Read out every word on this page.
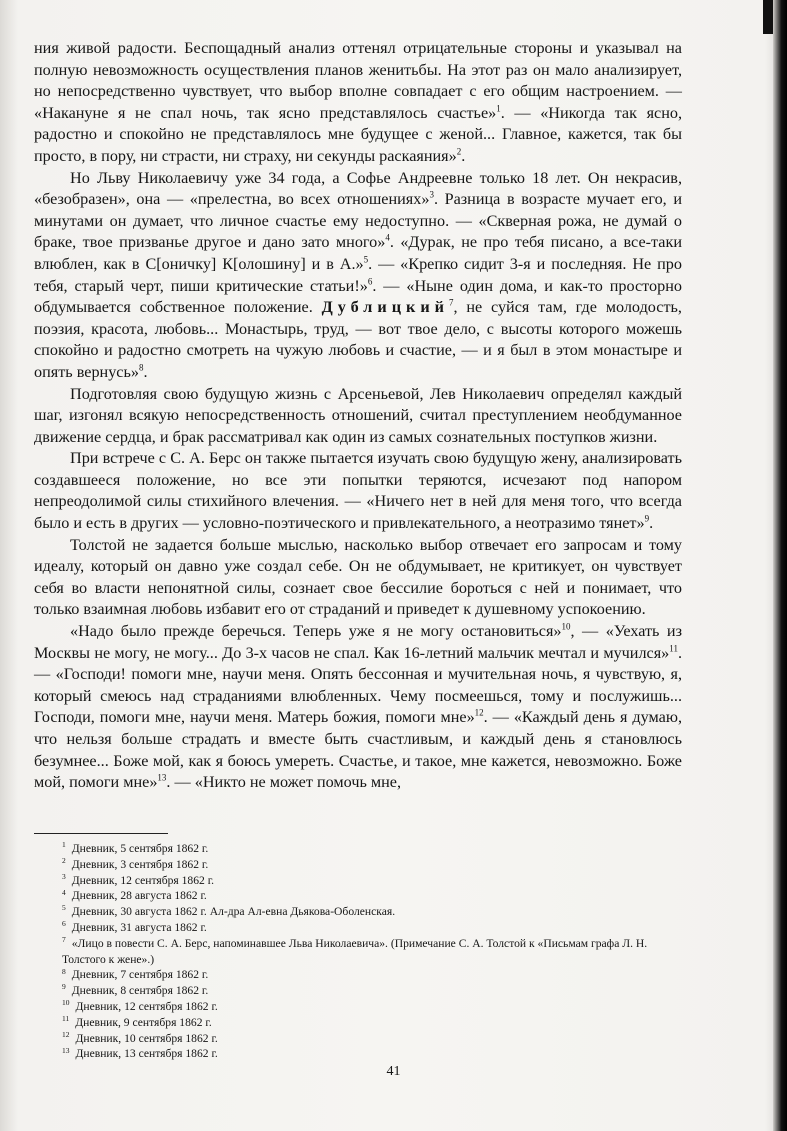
ния живой радости. Беспощадный анализ оттенял отрицательные стороны и указывал на полную невозможность осуществления планов женитьбы. На этот раз он мало анализирует, но непосредственно чувствует, что выбор вполне совпадает с его общим настроением. — «Накануне я не спал ночь, так ясно представлялось счастье»$^1$. — «Никогда так ясно, радостно и спокойно не представлялось мне будущее с женой... Главное, кажется, так бы просто, в пору, ни страсти, ни страху, ни секунды раскаяния»$^2$.

Но Льву Николаевичу уже 34 года, а Софье Андреевне только 18 лет. Он некрасив, «безобразен», она — «прелестна, во всех отношениях»$^3$. Разница в возрасте мучает его, и минутами он думает, что личное счастье ему недоступно. — «Скверная рожа, не думай о браке, твое призванье другое и дано зато много»$^4$. «Дурак, не про тебя писано, а все-таки влюблен, как в С[оничку] К[олошину] и в А.»$^5$. — «Крепко сидит 3-я и последняя. Не про тебя, старый черт, пиши критические статьи!»$^6$. — «Ныне один дома, и как-то просторно обдумывается собственное положение. Дублицкий$^7$, не суйся там, где молодость, поэзия, красота, любовь... Монастырь, труд, — вот твое дело, с высоты которого можешь спокойно и радостно смотреть на чужую любовь и счастие, — и я был в этом монастыре и опять вернусь»$^8$.

Подготовляя свою будущую жизнь с Арсеньевой, Лев Николаевич определял каждый шаг, изгонял всякую непосредственность отношений, считал преступлением необдуманное движение сердца, и брак рассматривал как один из самых сознательных поступков жизни.

При встрече с С. А. Берс он также пытается изучать свою будущую жену, анализировать создавшееся положение, но все эти попытки теряются, исчезают под напором непреодолимой силы стихийного влечения. — «Ничего нет в ней для меня того, что всегда было и есть в других — условно-поэтического и привлекательного, а неотразимо тянет»$^9$.

Толстой не задается больше мыслью, насколько выбор отвечает его запросам и тому идеалу, который он давно уже создал себе. Он не обдумывает, не критикует, он чувствует себя во власти непонятной силы, сознает свое бессилие бороться с ней и понимает, что только взаимная любовь избавит его от страданий и приведет к душевному успокоению.

«Надо было прежде беречься. Теперь уже я не могу остановиться»$^{10}$, — «Уехать из Москвы не могу, не могу... До 3-х часов не спал. Как 16-летний мальчик мечтал и мучился»$^{11}$. — «Господи! помоги мне, научи меня. Опять бессонная и мучительная ночь, я чувствую, я, который смеюсь над страданиями влюбленных. Чему посмеешься, тому и послужишь... Господи, помоги мне, научи меня. Матерь божия, помоги мне»$^{12}$. — «Каждый день я думаю, что нельзя больше страдать и вместе быть счастливым, и каждый день я становлюсь безумнее... Боже мой, как я боюсь умереть. Счастье, и такое, мне кажется, невозможно. Боже мой, помоги мне»$^{13}$. — «Никто не может помочь мне,

$^1$ Дневник, 5 сентября 1862 г.
$^2$ Дневник, 3 сентября 1862 г.
$^3$ Дневник, 12 сентября 1862 г.
$^4$ Дневник, 28 августа 1862 г.
$^5$ Дневник, 30 августа 1862 г. Ал-дра Ал-евна Дьякова-Оболенская.
$^6$ Дневник, 31 августа 1862 г.
$^7$ «Лицо в повести С. А. Берс, напоминавшее Льва Николаевича». (Примечание С. А. Толстой к «Письмам графа Л. Н. Толстого к жене».)
$^8$ Дневник, 7 сентября 1862 г.
$^9$ Дневник, 8 сентября 1862 г.
$^{10}$ Дневник, 12 сентября 1862 г.
$^{11}$ Дневник, 9 сентября 1862 г.
$^{12}$ Дневник, 10 сентября 1862 г.
$^{13}$ Дневник, 13 сентября 1862 г.
41
